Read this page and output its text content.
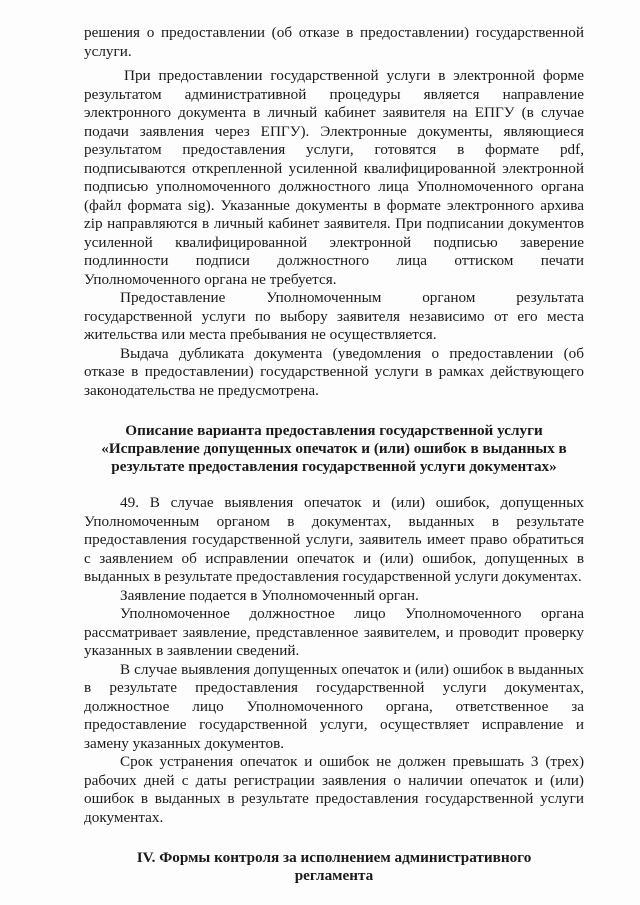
решения о предоставлении (об отказе в предоставлении) государственной услуги.

При предоставлении государственной услуги в электронной форме результатом административной процедуры является направление электронного документа в личный кабинет заявителя на ЕПГУ (в случае подачи заявления через ЕПГУ). Электронные документы, являющиеся результатом предоставления услуги, готовятся в формате pdf, подписываются открепленной усиленной квалифицированной электронной подписью уполномоченного должностного лица Уполномоченного органа (файл формата sig). Указанные документы в формате электронного архива zip направляются в личный кабинет заявителя. При подписании документов усиленной квалифицированной электронной подписью заверение подлинности подписи должностного лица оттиском печати Уполномоченного органа не требуется.

Предоставление Уполномоченным органом результата государственной услуги по выбору заявителя независимо от его места жительства или места пребывания не осуществляется.

Выдача дубликата документа (уведомления о предоставлении (об отказе в предоставлении) государственной услуги в рамках действующего законодательства не предусмотрена.

Описание варианта предоставления государственной услуги

«Исправление допущенных опечаток и (или) ошибок в выданных в

результате предоставления государственной услуги документах»

49. В случае выявления опечаток и (или) ошибок, допущенных Уполномоченным органом в документах, выданных в результате предоставления государственной услуги, заявитель имеет право обратиться с заявлением об исправлении опечаток и (или) ошибок, допущенных в выданных в результате предоставления государственной услуги документах.

Заявление подается в Уполномоченный орган.

Уполномоченное должностное лицо Уполномоченного органа рассматривает заявление, представленное заявителем, и проводит проверку указанных в заявлении сведений.

В случае выявления допущенных опечаток и (или) ошибок в выданных в результате предоставления государственной услуги документах, должностное лицо Уполномоченного органа, ответственное за предоставление государственной услуги, осуществляет исправление и замену указанных документов.

Срок устранения опечаток и ошибок не должен превышать 3 (трех) рабочих дней с даты регистрации заявления о наличии опечаток и (или) ошибок в выданных в результате предоставления государственной услуги документах.

IV. Формы контроля за исполнением административного

регламента
